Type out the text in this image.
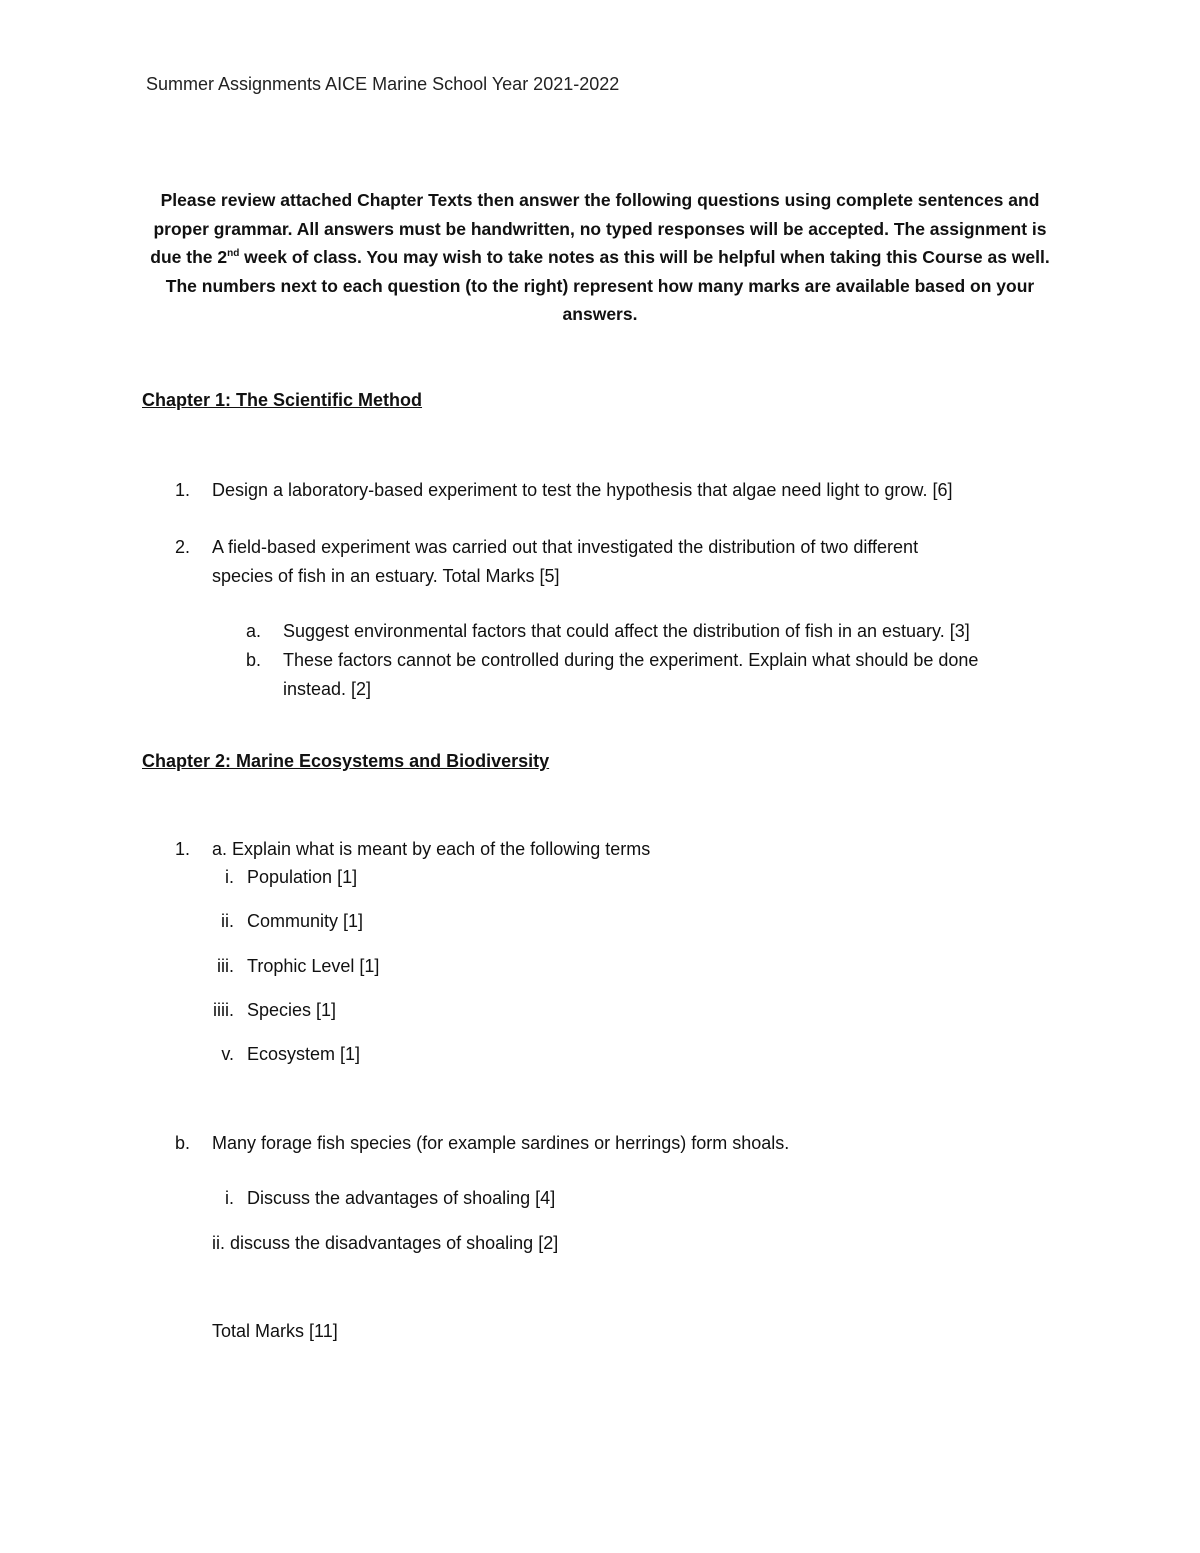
Summer Assignments AICE Marine School Year 2021-2022
Please review attached Chapter Texts then answer the following questions using complete sentences and proper grammar. All answers must be handwritten, no typed responses will be accepted. The assignment is due the 2nd week of class. You may wish to take notes as this will be helpful when taking this Course as well. The numbers next to each question (to the right) represent how many marks are available based on your answers.
Chapter 1: The Scientific Method
1. Design a laboratory-based experiment to test the hypothesis that algae need light to grow. [6]
2. A field-based experiment was carried out that investigated the distribution of two different
species of fish in an estuary. Total Marks [5]
a. Suggest environmental factors that could affect the distribution of fish in an estuary. [3]
b. These factors cannot be controlled during the experiment. Explain what should be done
instead. [2]
Chapter 2: Marine Ecosystems and Biodiversity
1. a. Explain what is meant by each of the following terms
i. Population [1]
ii. Community [1]
iii. Trophic Level [1]
iiii. Species [1]
v. Ecosystem [1]
b. Many forage fish species (for example sardines or herrings) form shoals.
i. Discuss the advantages of shoaling [4]
ii. discuss the disadvantages of shoaling [2]
Total Marks [11]
